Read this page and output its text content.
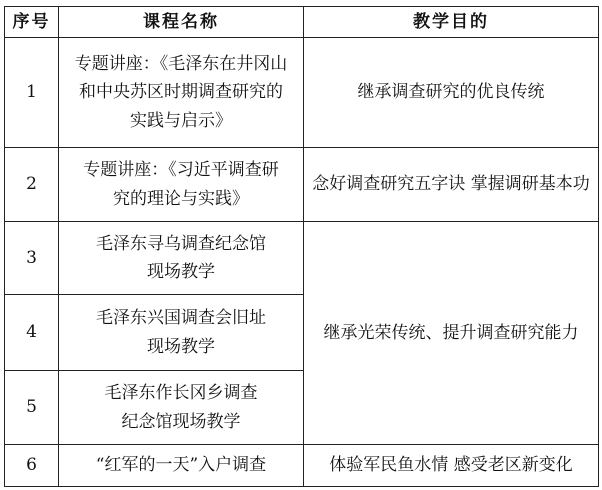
序号	课程名称	教学目的
1	专题讲座：《毛泽东在井冈山
和中央苏区时期调查研究的
实践与启示》	继承调查研究的优良传统
2	专题讲座：《习近平调查研
究的理论与实践》	念好调查研究五字诀 掌握调研基本功
3	毛泽东寻乌调查纪念馆
现场教学	继承光荣传统、提升调查研究能力
4	毛泽东兴国调查会旧址
现场教学	

5	毛泽东作长冈乡调查
纪念馆现场教学	

6	“红军的一天”入户调查	体验军民鱼水情 感受老区新变化
